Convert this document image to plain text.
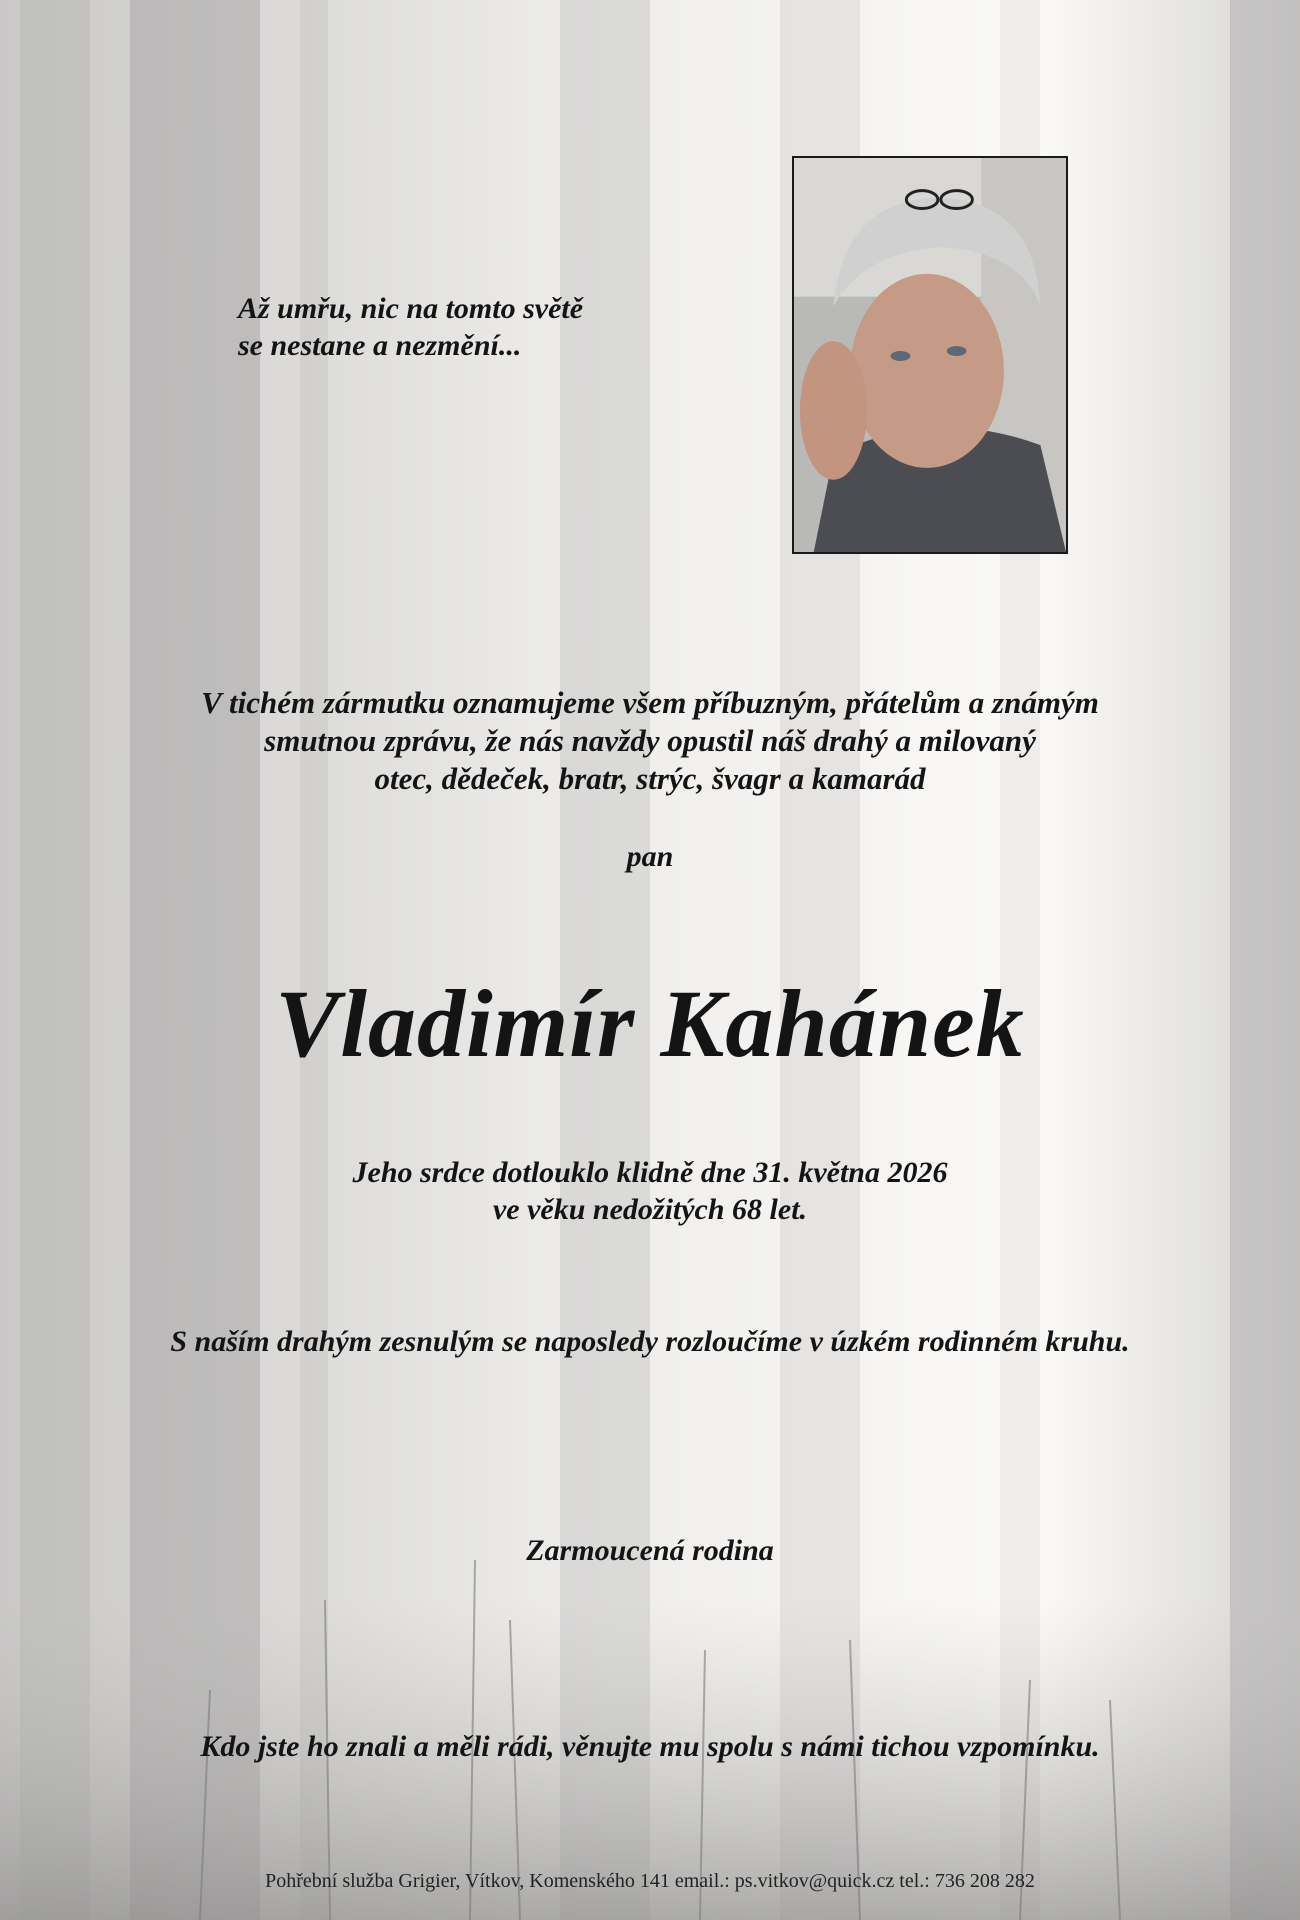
Až umřu, nic na tomto světě
se nestane a nezmění...
V tichém zármutku oznamujeme všem příbuzným, přátelům a známým
smutnou zprávu, že nás navždy opustil náš drahý a milovaný
otec, dědeček, bratr, strýc, švagr a kamarád
pan
Vladimír Kahánek
Jeho srdce dotlouklo klidně dne 31. května 2026
ve věku nedožitých 68 let.
S naším drahým zesnulým se naposledy rozloučíme v úzkém rodinném kruhu.
Zarmoucená rodina
Kdo jste ho znali a měli rádi, věnujte mu spolu s námi tichou vzpomínku.
Pohřební služba Grigier, Vítkov, Komenského 141 email.: ps.vitkov@quick.cz tel.: 736 208 282
